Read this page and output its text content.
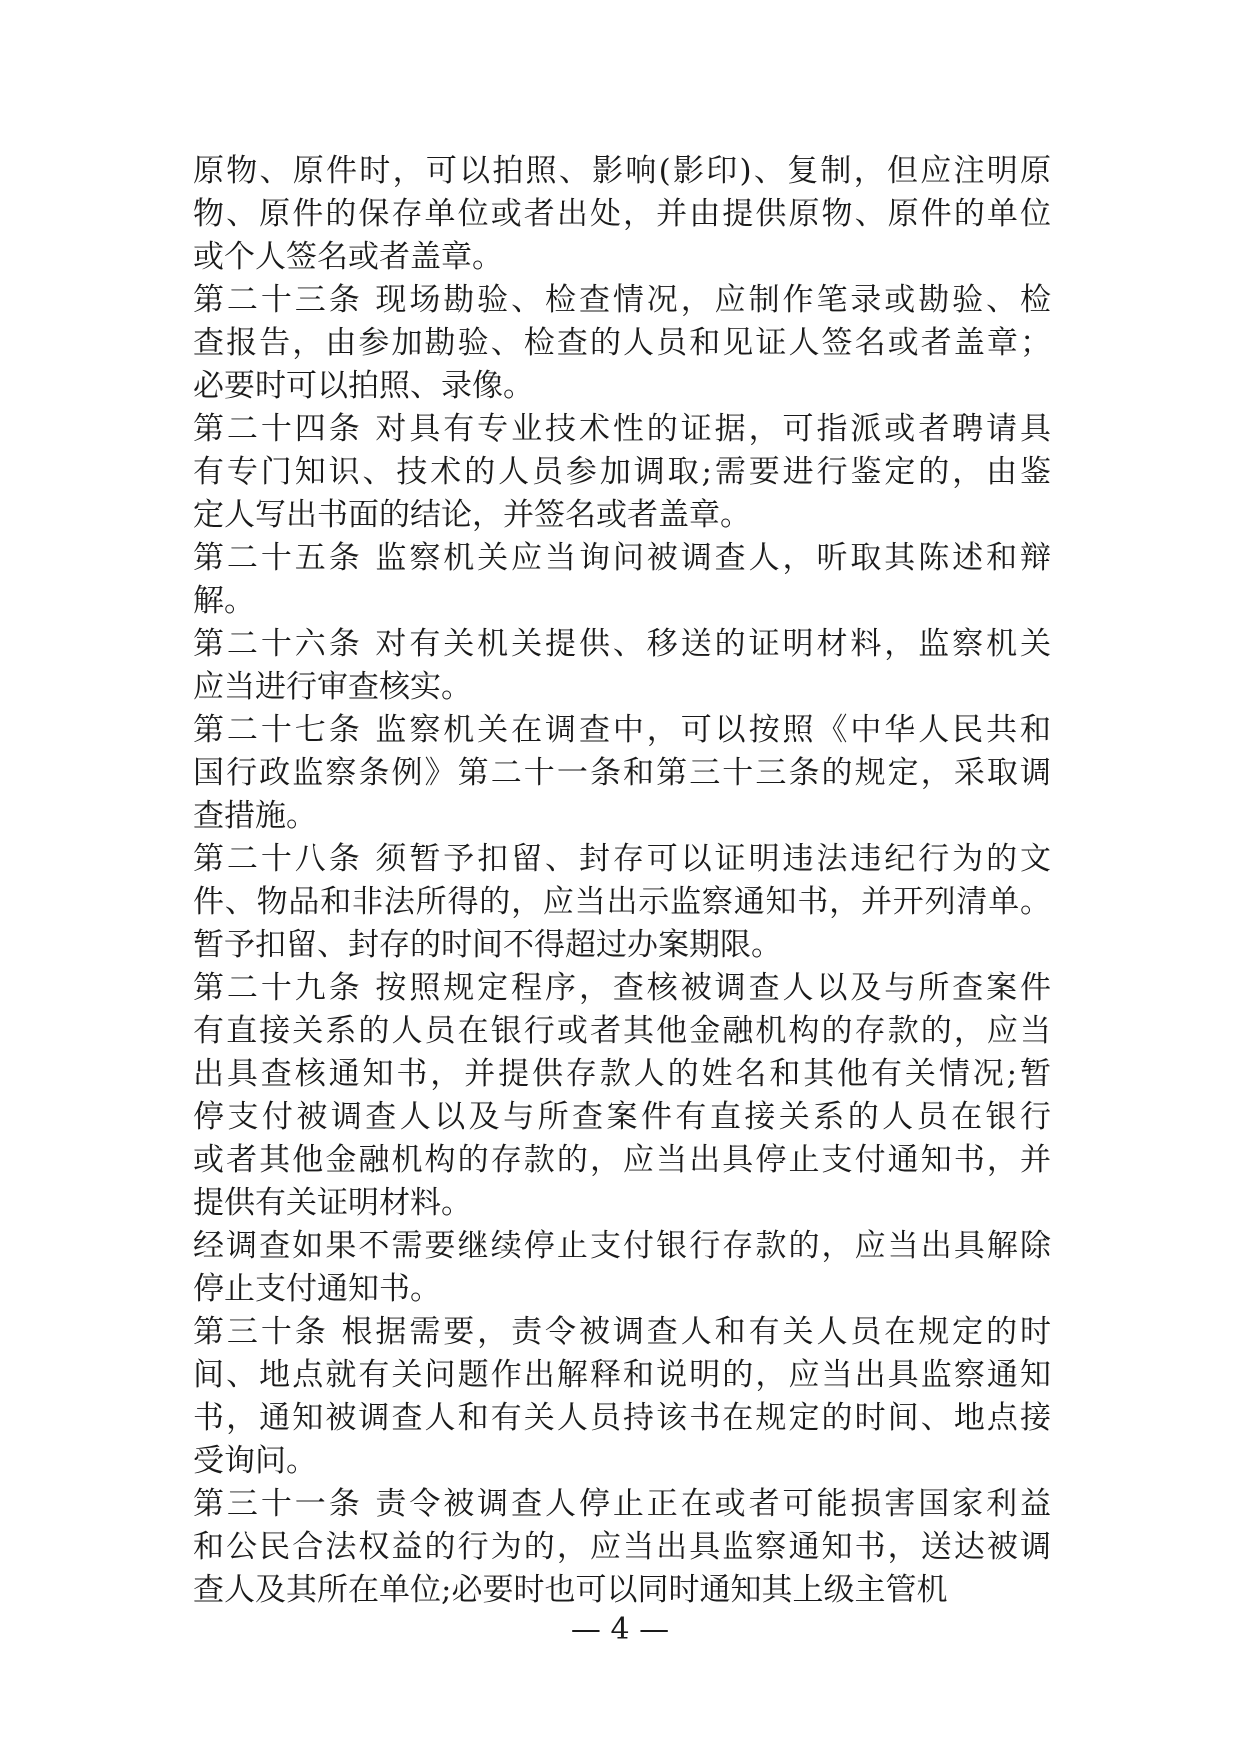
原物、原件时，可以拍照、影响(影印)、复制，但应注明原
物、原件的保存单位或者出处，并由提供原物、原件的单位
或个人签名或者盖章。
第二十三条 现场勘验、检查情况，应制作笔录或勘验、检
查报告，由参加勘验、检查的人员和见证人签名或者盖章；
必要时可以拍照、录像。
第二十四条 对具有专业技术性的证据，可指派或者聘请具
有专门知识、技术的人员参加调取;需要进行鉴定的，由鉴
定人写出书面的结论，并签名或者盖章。
第二十五条 监察机关应当询问被调查人，听取其陈述和辩
解。
第二十六条 对有关机关提供、移送的证明材料，监察机关
应当进行审查核实。
第二十七条 监察机关在调查中，可以按照《中华人民共和
国行政监察条例》第二十一条和第三十三条的规定，采取调
查措施。
第二十八条 须暂予扣留、封存可以证明违法违纪行为的文
件、物品和非法所得的，应当出示监察通知书，并开列清单。
暂予扣留、封存的时间不得超过办案期限。
第二十九条 按照规定程序，查核被调查人以及与所查案件
有直接关系的人员在银行或者其他金融机构的存款的，应当
出具查核通知书，并提供存款人的姓名和其他有关情况;暂
停支付被调查人以及与所查案件有直接关系的人员在银行
或者其他金融机构的存款的，应当出具停止支付通知书，并
提供有关证明材料。
经调查如果不需要继续停止支付银行存款的，应当出具解除
停止支付通知书。
第三十条 根据需要，责令被调查人和有关人员在规定的时
间、地点就有关问题作出解释和说明的，应当出具监察通知
书，通知被调查人和有关人员持该书在规定的时间、地点接
受询问。
第三十一条 责令被调查人停止正在或者可能损害国家利益
和公民合法权益的行为的，应当出具监察通知书，送达被调
查人及其所在单位;必要时也可以同时通知其上级主管机
— 4 —
